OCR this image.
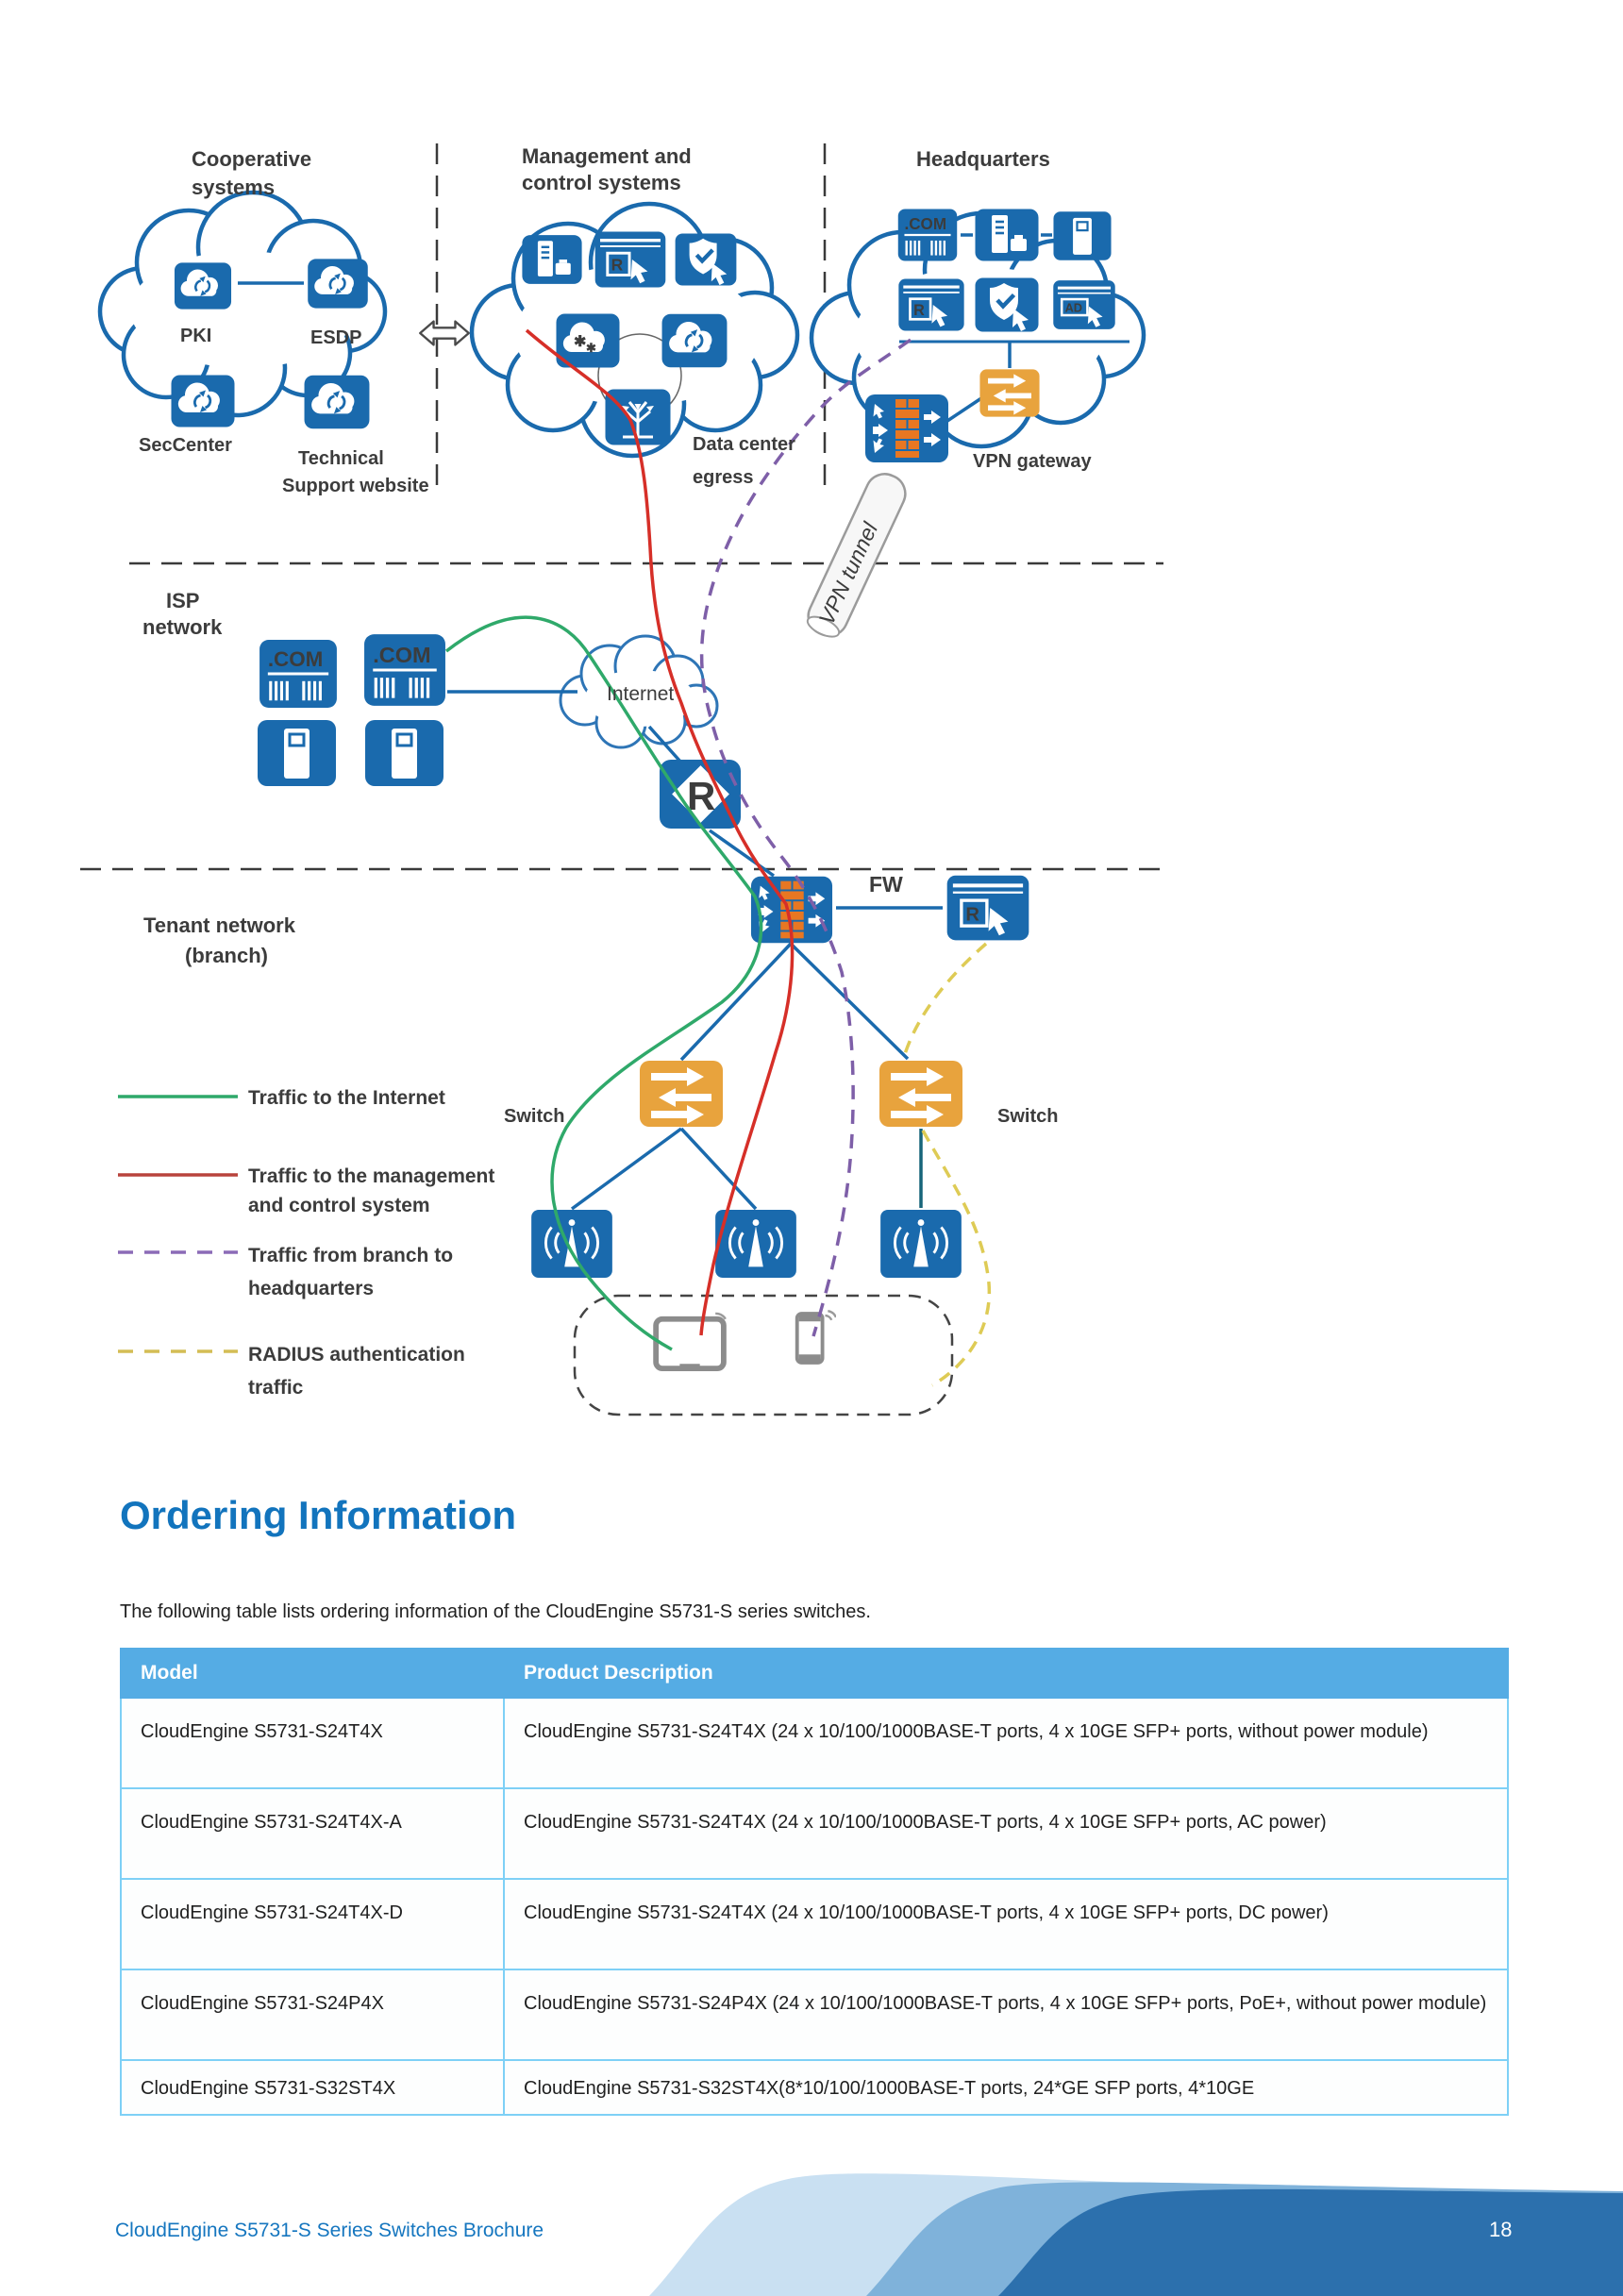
VPN tunnel
R
Cooperative
systems
Management and
control systems
Headquarters
ISP
network
Tenant network
(branch)
PKI	ESDP
SecCenter
Technical
Support website
Data center
egress
VPN gateway
Internet
FW
Switch	Switch
Traffic to the Internet
Traffic to the management
and control system
Traffic from branch to
headquarters
RADIUS authentication
traffic
Ordering Information

The following table lists ordering information of the CloudEngine S5731-S series switches.

Model	Product Description
CloudEngine S5731-S24T4X	CloudEngine S5731-S24T4X (24 x 10/100/1000BASE-T ports, 4 x 10GE SFP+ ports, without power module)
CloudEngine S5731-S24T4X-A	CloudEngine S5731-S24T4X (24 x 10/100/1000BASE-T ports, 4 x 10GE SFP+ ports, AC power)
CloudEngine S5731-S24T4X-D	CloudEngine S5731-S24T4X (24 x 10/100/1000BASE-T ports, 4 x 10GE SFP+ ports, DC power)
CloudEngine S5731-S24P4X	CloudEngine S5731-S24P4X (24 x 10/100/1000BASE-T ports, 4 x 10GE SFP+ ports, PoE+, without power module)
CloudEngine S5731-S32ST4X	CloudEngine S5731-S32ST4X(8*10/100/1000BASE-T ports, 24*GE SFP ports, 4*10GE
CloudEngine S5731-S Series Switches Brochure	18
